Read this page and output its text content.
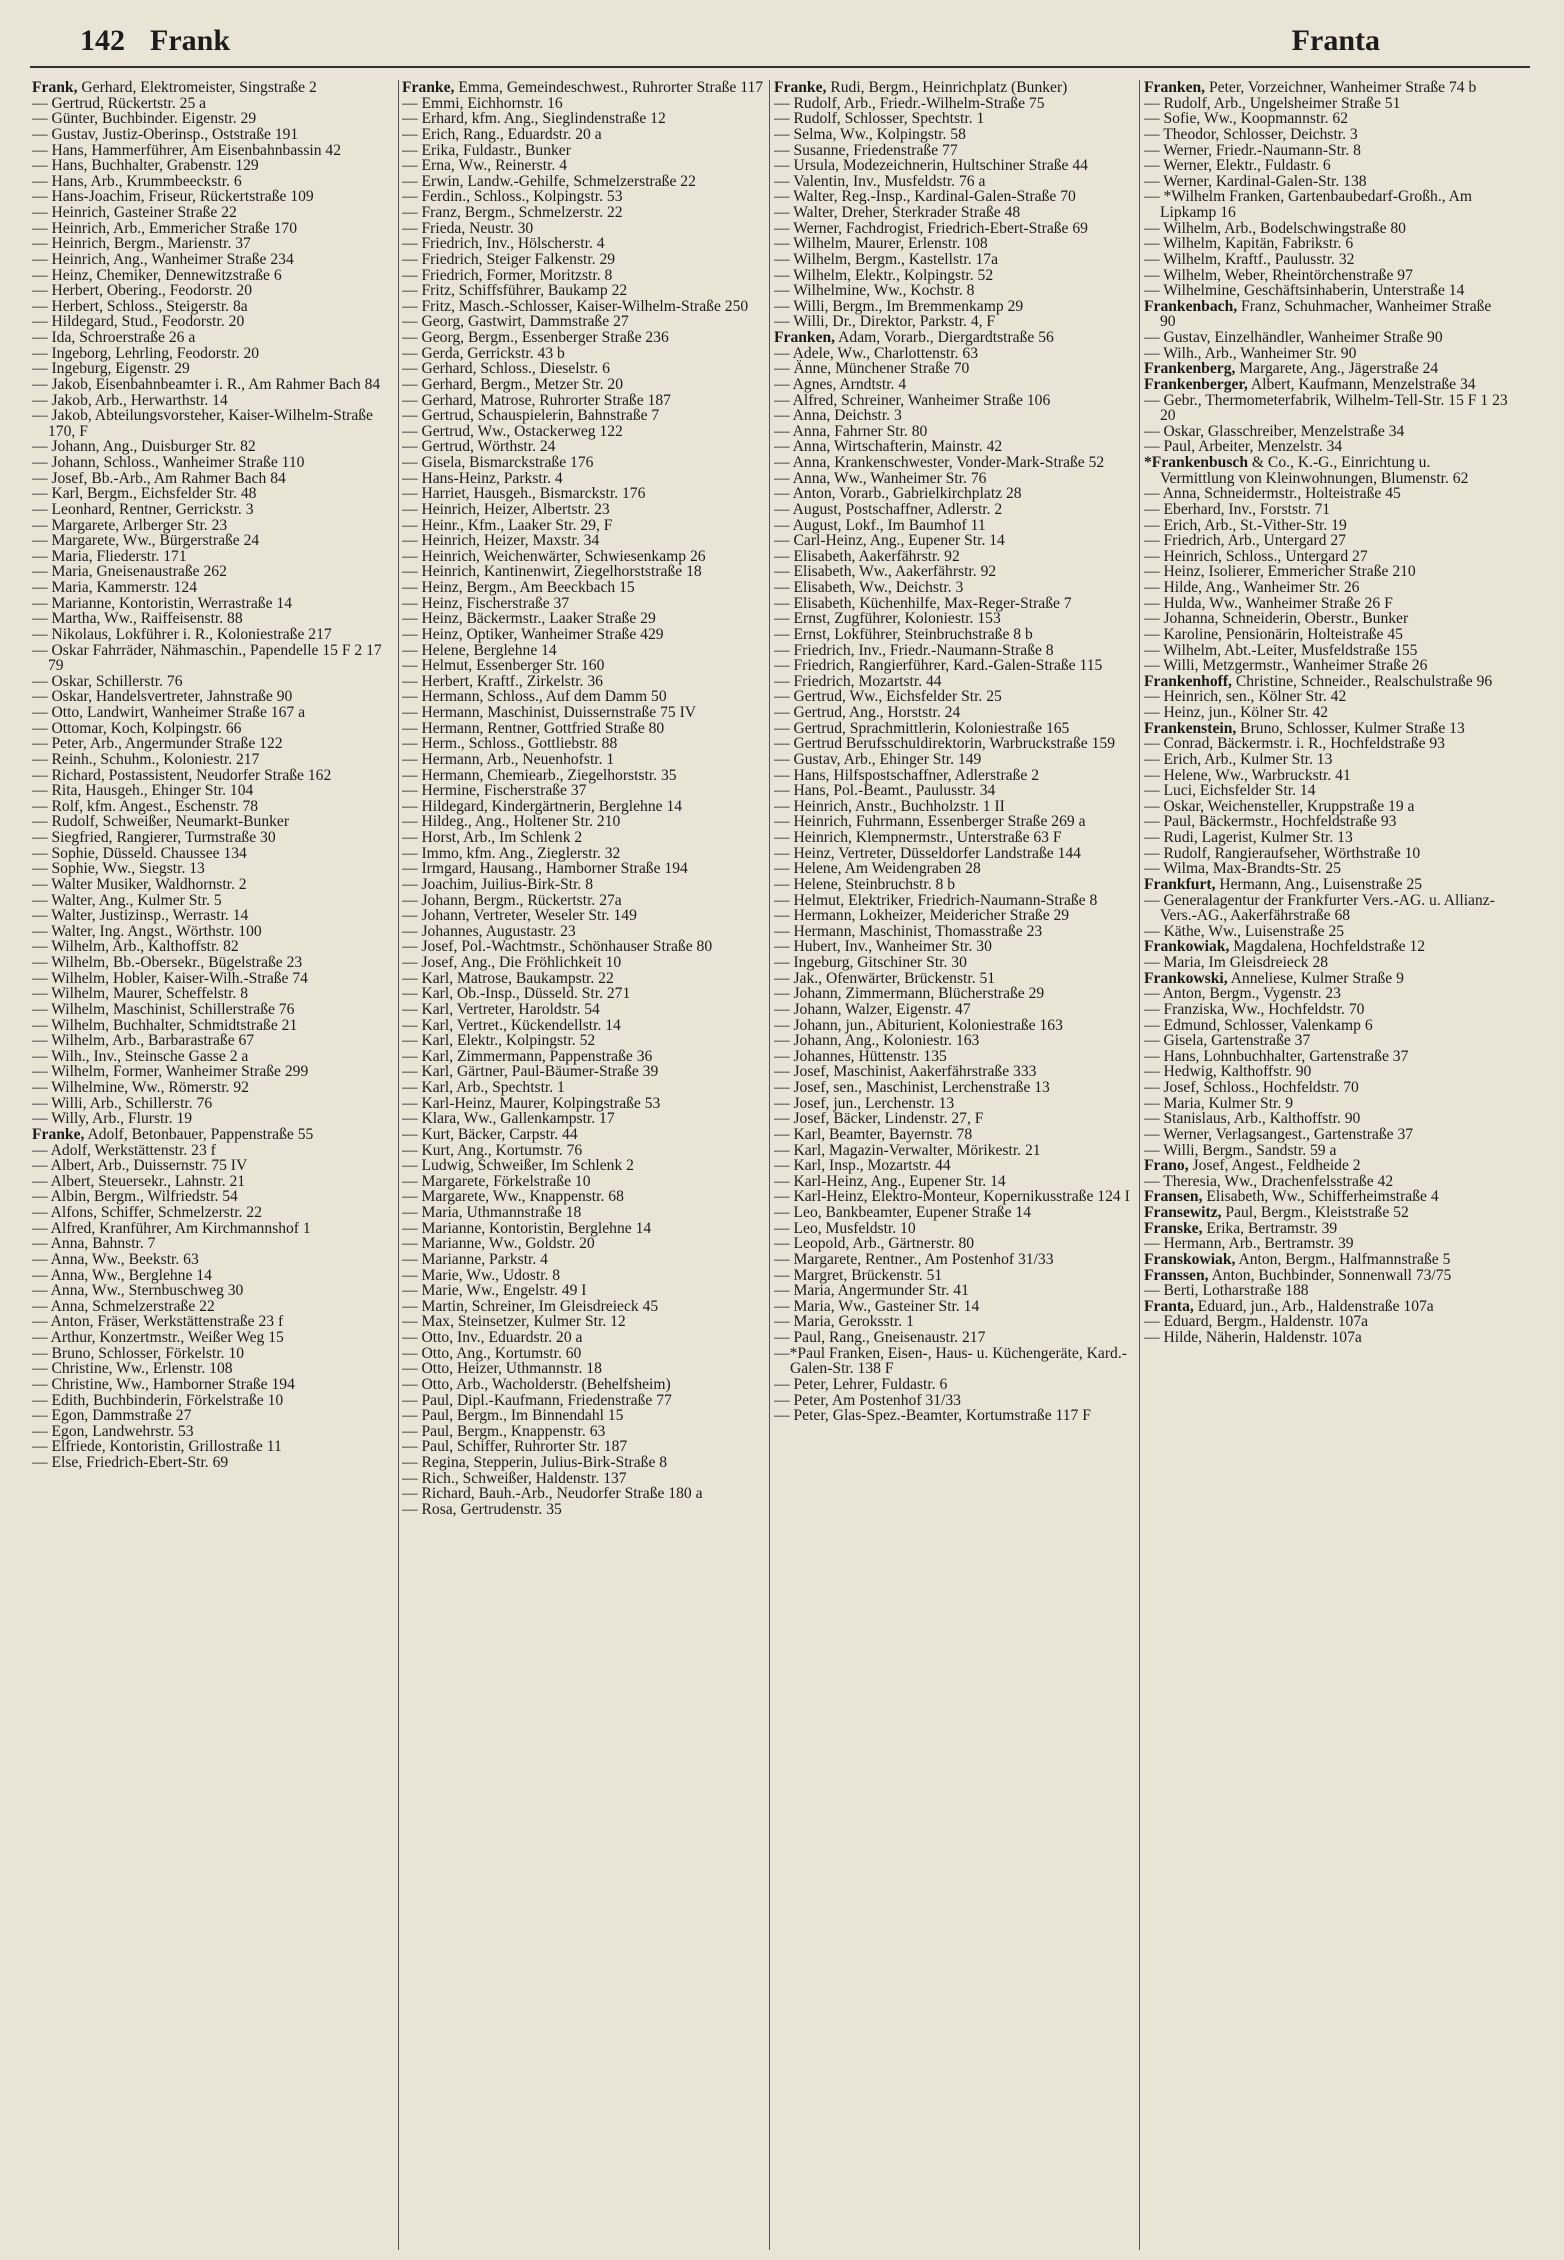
142 Frank	Franta

Frank, Gerhard, Elektromeister, Singstraße 2

— Gertrud, Rückertstr. 25 a

— Günter, Buchbinder. Eigenstr. 29

— Gustav, Justiz-Oberinsp., Oststraße 191

— Hans, Hammerführer, Am Eisenbahnbassin 42

— Hans, Buchhalter, Grabenstr. 129

— Hans, Arb., Krummbeeckstr. 6

— Hans-Joachim, Friseur, Rückertstraße 109

— Heinrich, Gasteiner Straße 22

— Heinrich, Arb., Emmericher Straße 170

— Heinrich, Bergm., Marienstr. 37

— Heinrich, Ang., Wanheimer Straße 234

— Heinz, Chemiker, Dennewitzstraße 6

— Herbert, Obering., Feodorstr. 20

— Herbert, Schloss., Steigerstr. 8a

— Hildegard, Stud., Feodorstr. 20

— Ida, Schroerstraße 26 a

— Ingeborg, Lehrling, Feodorstr. 20

— Ingeburg, Eigenstr. 29

— Jakob, Eisenbahnbeamter i. R., Am Rahmer Bach 84

— Jakob, Arb., Herwarthstr. 14

— Jakob, Abteilungsvorsteher, Kaiser-Wilhelm-Straße 170, F

— Johann, Ang., Duisburger Str. 82

— Johann, Schloss., Wanheimer Straße 110

— Josef, Bb.-Arb., Am Rahmer Bach 84

— Karl, Bergm., Eichsfelder Str. 48

— Leonhard, Rentner, Gerrickstr. 3

— Margarete, Arlberger Str. 23

— Margarete, Ww., Bürgerstraße 24

— Maria, Fliederstr. 171

— Maria, Gneisenaustraße 262

— Maria, Kammerstr. 124

— Marianne, Kontoristin, Werrastraße 14

— Martha, Ww., Raiffeisenstr. 88

— Nikolaus, Lokführer i. R., Koloniestraße 217

— Oskar Fahrräder, Nähmaschin., Papendelle 15 F 2 17 79

— Oskar, Schillerstr. 76

— Oskar, Handelsvertreter, Jahnstraße 90

— Otto, Landwirt, Wanheimer Straße 167 a

— Ottomar, Koch, Kolpingstr. 66

— Peter, Arb., Angermunder Straße 122

— Reinh., Schuhm., Koloniestr. 217

— Richard, Postassistent, Neudorfer Straße 162

— Rita, Hausgeh., Ehinger Str. 104

— Rolf, kfm. Angest., Eschenstr. 78

— Rudolf, Schweißer, Neumarkt-Bunker

— Siegfried, Rangierer, Turmstraße 30

— Sophie, Düsseld. Chaussee 134

— Sophie, Ww., Siegstr. 13

— Walter Musiker, Waldhornstr. 2

— Walter, Ang., Kulmer Str. 5

— Walter, Justizinsp., Werrastr. 14

— Walter, Ing. Angst., Wörthstr. 100

— Wilhelm, Arb., Kalthoffstr. 82

— Wilhelm, Bb.-Obersekr., Bügelstraße 23

— Wilhelm, Hobler, Kaiser-Wilh.-Straße 74

— Wilhelm, Maurer, Scheffelstr. 8

— Wilhelm, Maschinist, Schillerstraße 76

— Wilhelm, Buchhalter, Schmidtstraße 21

— Wilhelm, Arb., Barbarastraße 67

— Wilh., Inv., Steinsche Gasse 2 a

— Wilhelm, Former, Wanheimer Straße 299

— Wilhelmine, Ww., Römerstr. 92

— Willi, Arb., Schillerstr. 76

— Willy, Arb., Flurstr. 19

Franke, Adolf, Betonbauer, Pappenstraße 55

— Adolf, Werkstättenstr. 23 f

— Albert, Arb., Duissernstr. 75 IV

— Albert, Steuersekr., Lahnstr. 21

— Albin, Bergm., Wilfriedstr. 54

— Alfons, Schiffer, Schmelzerstr. 22

— Alfred, Kranführer, Am Kirchmannshof 1

— Anna, Bahnstr. 7

— Anna, Ww., Beekstr. 63

— Anna, Ww., Berglehne 14

— Anna, Ww., Sternbuschweg 30

— Anna, Schmelzerstraße 22

— Anton, Fräser, Werkstättenstraße 23 f

— Arthur, Konzertmstr., Weißer Weg 15

— Bruno, Schlosser, Förkelstr. 10

— Christine, Ww., Erlenstr. 108

— Christine, Ww., Hamborner Straße 194

— Edith, Buchbinderin, Förkelstraße 10

— Egon, Dammstraße 27

— Egon, Landwehrstr. 53

— Elfriede, Kontoristin, Grillostraße 11

— Else, Friedrich-Ebert-Str. 69

Franke, Emma, Gemeindeschwest., Ruhrorter Straße 117

— Emmi, Eichhornstr. 16

— Erhard, kfm. Ang., Sieglindenstraße 12

— Erich, Rang., Eduardstr. 20 a

— Erika, Fuldastr., Bunker

— Erna, Ww., Reinerstr. 4

— Erwin, Landw.-Gehilfe, Schmelzerstraße 22

— Ferdin., Schloss., Kolpingstr. 53

— Franz, Bergm., Schmelzerstr. 22

— Frieda, Neustr. 30

— Friedrich, Inv., Hölscherstr. 4

— Friedrich, Steiger Falkenstr. 29

— Friedrich, Former, Moritzstr. 8

— Fritz, Schiffsführer, Baukamp 22

— Fritz, Masch.-Schlosser, Kaiser-Wilhelm-Straße 250

— Georg, Gastwirt, Dammstraße 27

— Georg, Bergm., Essenberger Straße 236

— Gerda, Gerrickstr. 43 b

— Gerhard, Schloss., Dieselstr. 6

— Gerhard, Bergm., Metzer Str. 20

— Gerhard, Matrose, Ruhrorter Straße 187

— Gertrud, Schauspielerin, Bahnstraße 7

— Gertrud, Ww., Ostackerweg 122

— Gertrud, Wörthstr. 24

— Gisela, Bismarckstraße 176

— Hans-Heinz, Parkstr. 4

— Harriet, Hausgeh., Bismarckstr. 176

— Heinrich, Heizer, Albertstr. 23

— Heinr., Kfm., Laaker Str. 29, F

— Heinrich, Heizer, Maxstr. 34

— Heinrich, Weichenwärter, Schwiesenkamp 26

— Heinrich, Kantinenwirt, Ziegelhorststraße 18

— Heinz, Bergm., Am Beeckbach 15

— Heinz, Fischerstraße 37

— Heinz, Bäckermstr., Laaker Straße 29

— Heinz, Optiker, Wanheimer Straße 429

— Helene, Berglehne 14

— Helmut, Essenberger Str. 160

— Herbert, Kraftf., Zirkelstr. 36

— Hermann, Schloss., Auf dem Damm 50

— Hermann, Maschinist, Duissernstraße 75 IV

— Hermann, Rentner, Gottfried Straße 80

— Herm., Schloss., Gottliebstr. 88

— Hermann, Arb., Neuenhofstr. 1

— Hermann, Chemiearb., Ziegelhorststr. 35

— Hermine, Fischerstraße 37

— Hildegard, Kindergärtnerin, Berglehne 14

— Hildeg., Ang., Holtener Str. 210

— Horst, Arb., Im Schlenk 2

— Immo, kfm. Ang., Zieglerstr. 32

— Irmgard, Hausang., Hamborner Straße 194

— Joachim, Juilius-Birk-Str. 8

— Johann, Bergm., Rückertstr. 27a

— Johann, Vertreter, Weseler Str. 149

— Johannes, Augustastr. 23

— Josef, Pol.-Wachtmstr., Schönhauser Straße 80

— Josef, Ang., Die Fröhlichkeit 10

— Karl, Matrose, Baukampstr. 22

— Karl, Ob.-Insp., Düsseld. Str. 271

— Karl, Vertreter, Haroldstr. 54

— Karl, Vertret., Kückendellstr. 14

— Karl, Elektr., Kolpingstr. 52

— Karl, Zimmermann, Pappenstraße 36

— Karl, Gärtner, Paul-Bäumer-Straße 39

— Karl, Arb., Spechtstr. 1

— Karl-Heinz, Maurer, Kolpingstraße 53

— Klara, Ww., Gallenkampstr. 17

— Kurt, Bäcker, Carpstr. 44

— Kurt, Ang., Kortumstr. 76

— Ludwig, Schweißer, Im Schlenk 2

— Margarete, Förkelstraße 10

— Margarete, Ww., Knappenstr. 68

— Maria, Uthmannstraße 18

— Marianne, Kontoristin, Berglehne 14

— Marianne, Ww., Goldstr. 20

— Marianne, Parkstr. 4

— Marie, Ww., Udostr. 8

— Marie, Ww., Engelstr. 49 I

— Martin, Schreiner, Im Gleisdreieck 45

— Max, Steinsetzer, Kulmer Str. 12

— Otto, Inv., Eduardstr. 20 a

— Otto, Ang., Kortumstr. 60

— Otto, Heizer, Uthmannstr. 18

— Otto, Arb., Wacholderstr. (Behelfsheim)

— Paul, Dipl.-Kaufmann, Friedenstraße 77

— Paul, Bergm., Im Binnendahl 15

— Paul, Bergm., Knappenstr. 63

— Paul, Schiffer, Ruhrorter Str. 187

— Regina, Stepperin, Julius-Birk-Straße 8

— Rich., Schweißer, Haldenstr. 137

— Richard, Bauh.-Arb., Neudorfer Straße 180 a

— Rosa, Gertrudenstr. 35

Franke, Rudi, Bergm., Heinrichplatz (Bunker)

— Rudolf, Arb., Friedr.-Wilhelm-Straße 75

— Rudolf, Schlosser, Spechtstr. 1

— Selma, Ww., Kolpingstr. 58

— Susanne, Friedenstraße 77

— Ursula, Modezeichnerin, Hultschiner Straße 44

— Valentin, Inv., Musfeldstr. 76 a

— Walter, Reg.-Insp., Kardinal-Galen-Straße 70

— Walter, Dreher, Sterkrader Straße 48

— Werner, Fachdrogist, Friedrich-Ebert-Straße 69

— Wilhelm, Maurer, Erlenstr. 108

— Wilhelm, Bergm., Kastellstr. 17a

— Wilhelm, Elektr., Kolpingstr. 52

— Wilhelmine, Ww., Kochstr. 8

— Willi, Bergm., Im Bremmenkamp 29

— Willi, Dr., Direktor, Parkstr. 4, F

Franken, Adam, Vorarb., Diergardtstraße 56

— Adele, Ww., Charlottenstr. 63

— Änne, Münchener Straße 70

— Agnes, Arndtstr. 4

— Alfred, Schreiner, Wanheimer Straße 106

— Anna, Deichstr. 3

— Anna, Fahrner Str. 80

— Anna, Wirtschafterin, Mainstr. 42

— Anna, Krankenschwester, Vonder-Mark-Straße 52

— Anna, Ww., Wanheimer Str. 76

— Anton, Vorarb., Gabrielkirchplatz 28

— August, Postschaffner, Adlerstr. 2

— August, Lokf., Im Baumhof 11

— Carl-Heinz, Ang., Eupener Str. 14

— Elisabeth, Aakerfährstr. 92

— Elisabeth, Ww., Aakerfährstr. 92

— Elisabeth, Ww., Deichstr. 3

— Elisabeth, Küchenhilfe, Max-Reger-Straße 7

— Ernst, Zugführer, Koloniestr. 153

— Ernst, Lokführer, Steinbruchstraße 8 b

— Friedrich, Inv., Friedr.-Naumann-Straße 8

— Friedrich, Rangierführer, Kard.-Galen-Straße 115

— Friedrich, Mozartstr. 44

— Gertrud, Ww., Eichsfelder Str. 25

— Gertrud, Ang., Horststr. 24

— Gertrud, Sprachmittlerin, Koloniestraße 165

— Gertrud Berufsschuldirektorin, Warbruckstraße 159

— Gustav, Arb., Ehinger Str. 149

— Hans, Hilfspostschaffner, Adlerstraße 2

— Hans, Pol.-Beamt., Paulusstr. 34

— Heinrich, Anstr., Buchholzstr. 1 II

— Heinrich, Fuhrmann, Essenberger Straße 269 a

— Heinrich, Klempnermstr., Unterstraße 63 F

— Heinz, Vertreter, Düsseldorfer Landstraße 144

— Helene, Am Weidengraben 28

— Helene, Steinbruchstr. 8 b

— Helmut, Elektriker, Friedrich-Naumann-Straße 8

— Hermann, Lokheizer, Meidericher Straße 29

— Hermann, Maschinist, Thomasstraße 23

— Hubert, Inv., Wanheimer Str. 30

— Ingeburg, Gitschiner Str. 30

— Jak., Ofenwärter, Brückenstr. 51

— Johann, Zimmermann, Blücherstraße 29

— Johann, Walzer, Eigenstr. 47

— Johann, jun., Abiturient, Koloniestraße 163

— Johann, Ang., Koloniestr. 163

— Johannes, Hüttenstr. 135

— Josef, Maschinist, Aakerfährstraße 333

— Josef, sen., Maschinist, Lerchenstraße 13

— Josef, jun., Lerchenstr. 13

— Josef, Bäcker, Lindenstr. 27, F

— Karl, Beamter, Bayernstr. 78

— Karl, Magazin-Verwalter, Mörikestr. 21

— Karl, Insp., Mozartstr. 44

— Karl-Heinz, Ang., Eupener Str. 14

— Karl-Heinz, Elektro-Monteur, Kopernikusstraße 124 I

— Leo, Bankbeamter, Eupener Straße 14

— Leo, Musfeldstr. 10

— Leopold, Arb., Gärtnerstr. 80

— Margarete, Rentner., Am Postenhof 31/33

— Margret, Brückenstr. 51

— Maria, Angermunder Str. 41

— Maria, Ww., Gasteiner Str. 14

— Maria, Geroksstr. 1

— Paul, Rang., Gneisenaustr. 217

—*Paul Franken, Eisen-, Haus- u. Küchengeräte, Kard.-Galen-Str. 138 F

— Peter, Lehrer, Fuldastr. 6

— Peter, Am Postenhof 31/33

— Peter, Glas-Spez.-Beamter, Kortumstraße 117 F

Franken, Peter, Vorzeichner, Wanheimer Straße 74 b

— Rudolf, Arb., Ungelsheimer Straße 51

— Sofie, Ww., Koopmannstr. 62

— Theodor, Schlosser, Deichstr. 3

— Werner, Friedr.-Naumann-Str. 8

— Werner, Elektr., Fuldastr. 6

— Werner, Kardinal-Galen-Str. 138

— *Wilhelm Franken, Gartenbaubedarf-Großh., Am Lipkamp 16

— Wilhelm, Arb., Bodelschwingstraße 80

— Wilhelm, Kapitän, Fabrikstr. 6

— Wilhelm, Kraftf., Paulusstr. 32

— Wilhelm, Weber, Rheintörchenstraße 97

— Wilhelmine, Geschäftsinhaberin, Unterstraße 14

Frankenbach, Franz, Schuhmacher, Wanheimer Straße 90

— Gustav, Einzelhändler, Wanheimer Straße 90

— Wilh., Arb., Wanheimer Str. 90

Frankenberg, Margarete, Ang., Jägerstraße 24

Frankenberger, Albert, Kaufmann, Menzelstraße 34

— Gebr., Thermometerfabrik, Wilhelm-Tell-Str. 15 F 1 23 20

— Oskar, Glasschreiber, Menzelstraße 34

— Paul, Arbeiter, Menzelstr. 34

*Frankenbusch & Co., K.-G., Einrichtung u. Vermittlung von Kleinwohnungen, Blumenstr. 62

— Anna, Schneidermstr., Holteistraße 45

— Eberhard, Inv., Forststr. 71

— Erich, Arb., St.-Vither-Str. 19

— Friedrich, Arb., Untergard 27

— Heinrich, Schloss., Untergard 27

— Heinz, Isolierer, Emmericher Straße 210

— Hilde, Ang., Wanheimer Str. 26

— Hulda, Ww., Wanheimer Straße 26 F

— Johanna, Schneiderin, Oberstr., Bunker

— Karoline, Pensionärin, Holteistraße 45

— Wilhelm, Abt.-Leiter, Musfeldstraße 155

— Willi, Metzgermstr., Wanheimer Straße 26

Frankenhoff, Christine, Schneider., Realschulstraße 96

— Heinrich, sen., Kölner Str. 42

— Heinz, jun., Kölner Str. 42

Frankenstein, Bruno, Schlosser, Kulmer Straße 13

— Conrad, Bäckermstr. i. R., Hochfeldstraße 93

— Erich, Arb., Kulmer Str. 13

— Helene, Ww., Warbruckstr. 41

— Luci, Eichsfelder Str. 14

— Oskar, Weichensteller, Kruppstraße 19 a

— Paul, Bäckermstr., Hochfeldstraße 93

— Rudi, Lagerist, Kulmer Str. 13

— Rudolf, Rangieraufseher, Wörthstraße 10

— Wilma, Max-Brandts-Str. 25

Frankfurt, Hermann, Ang., Luisenstraße 25

— Generalagentur der Frankfurter Vers.-AG. u. Allianz-Vers.-AG., Aakerfährstraße 68

— Käthe, Ww., Luisenstraße 25

Frankowiak, Magdalena, Hochfeldstraße 12

— Maria, Im Gleisdreieck 28

Frankowski, Anneliese, Kulmer Straße 9

— Anton, Bergm., Vygenstr. 23

— Franziska, Ww., Hochfeldstr. 70

— Edmund, Schlosser, Valenkamp 6

— Gisela, Gartenstraße 37

— Hans, Lohnbuchhalter, Gartenstraße 37

— Hedwig, Kalthoffstr. 90

— Josef, Schloss., Hochfeldstr. 70

— Maria, Kulmer Str. 9

— Stanislaus, Arb., Kalthoffstr. 90

— Werner, Verlagsangest., Gartenstraße 37

— Willi, Bergm., Sandstr. 59 a

Frano, Josef, Angest., Feldheide 2

— Theresia, Ww., Drachenfelsstraße 42

Fransen, Elisabeth, Ww., Schifferheimstraße 4

Fransewitz, Paul, Bergm., Kleiststraße 52

Franske, Erika, Bertramstr. 39

— Hermann, Arb., Bertramstr. 39

Franskowiak, Anton, Bergm., Halfmannstraße 5

Franssen, Anton, Buchbinder, Sonnenwall 73/75

— Berti, Lotharstraße 188

Franta, Eduard, jun., Arb., Haldenstraße 107a

— Eduard, Bergm., Haldenstr. 107a

— Hilde, Näherin, Haldenstr. 107a
